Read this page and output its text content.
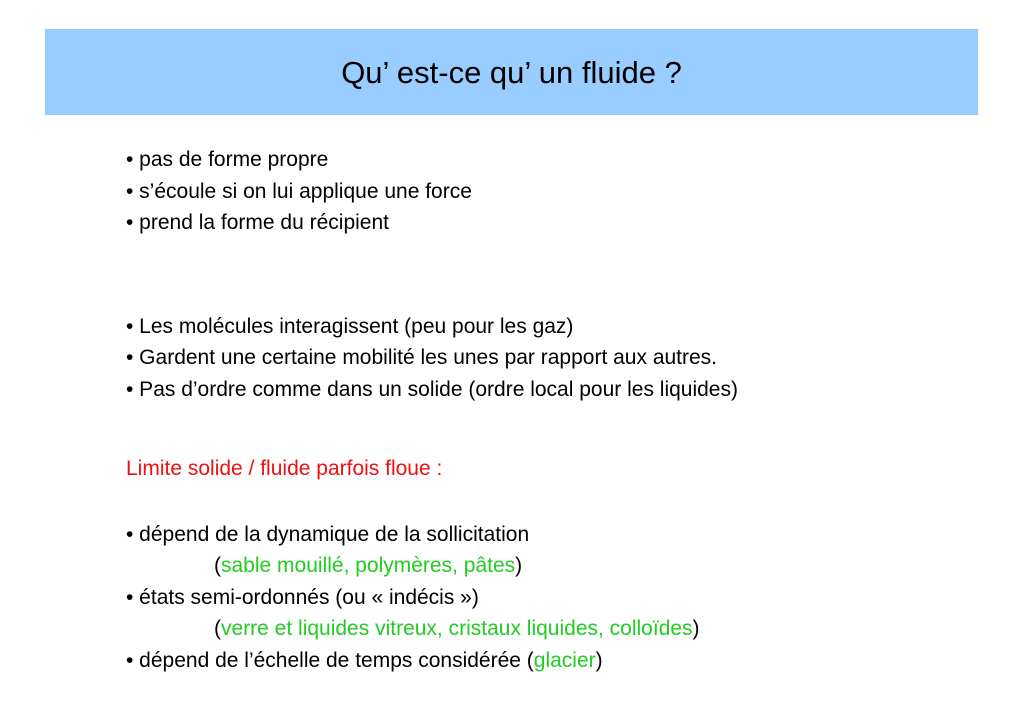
Qu’ est-ce qu’ un fluide ?
• pas de forme propre
• s’écoule si on lui applique une force
• prend la forme du récipient
• Les molécules interagissent (peu pour les gaz)
• Gardent une certaine mobilité les unes par rapport aux autres.
• Pas d’ordre comme dans un solide (ordre local pour les liquides)
Limite solide / fluide parfois floue :
• dépend de la dynamique de la sollicitation
(sable mouillé, polymères, pâtes)
• états semi-ordonnés (ou « indécis »)
(verre et liquides vitreux, cristaux liquides, colloïdes)
• dépend de l’échelle de temps considérée (glacier)
